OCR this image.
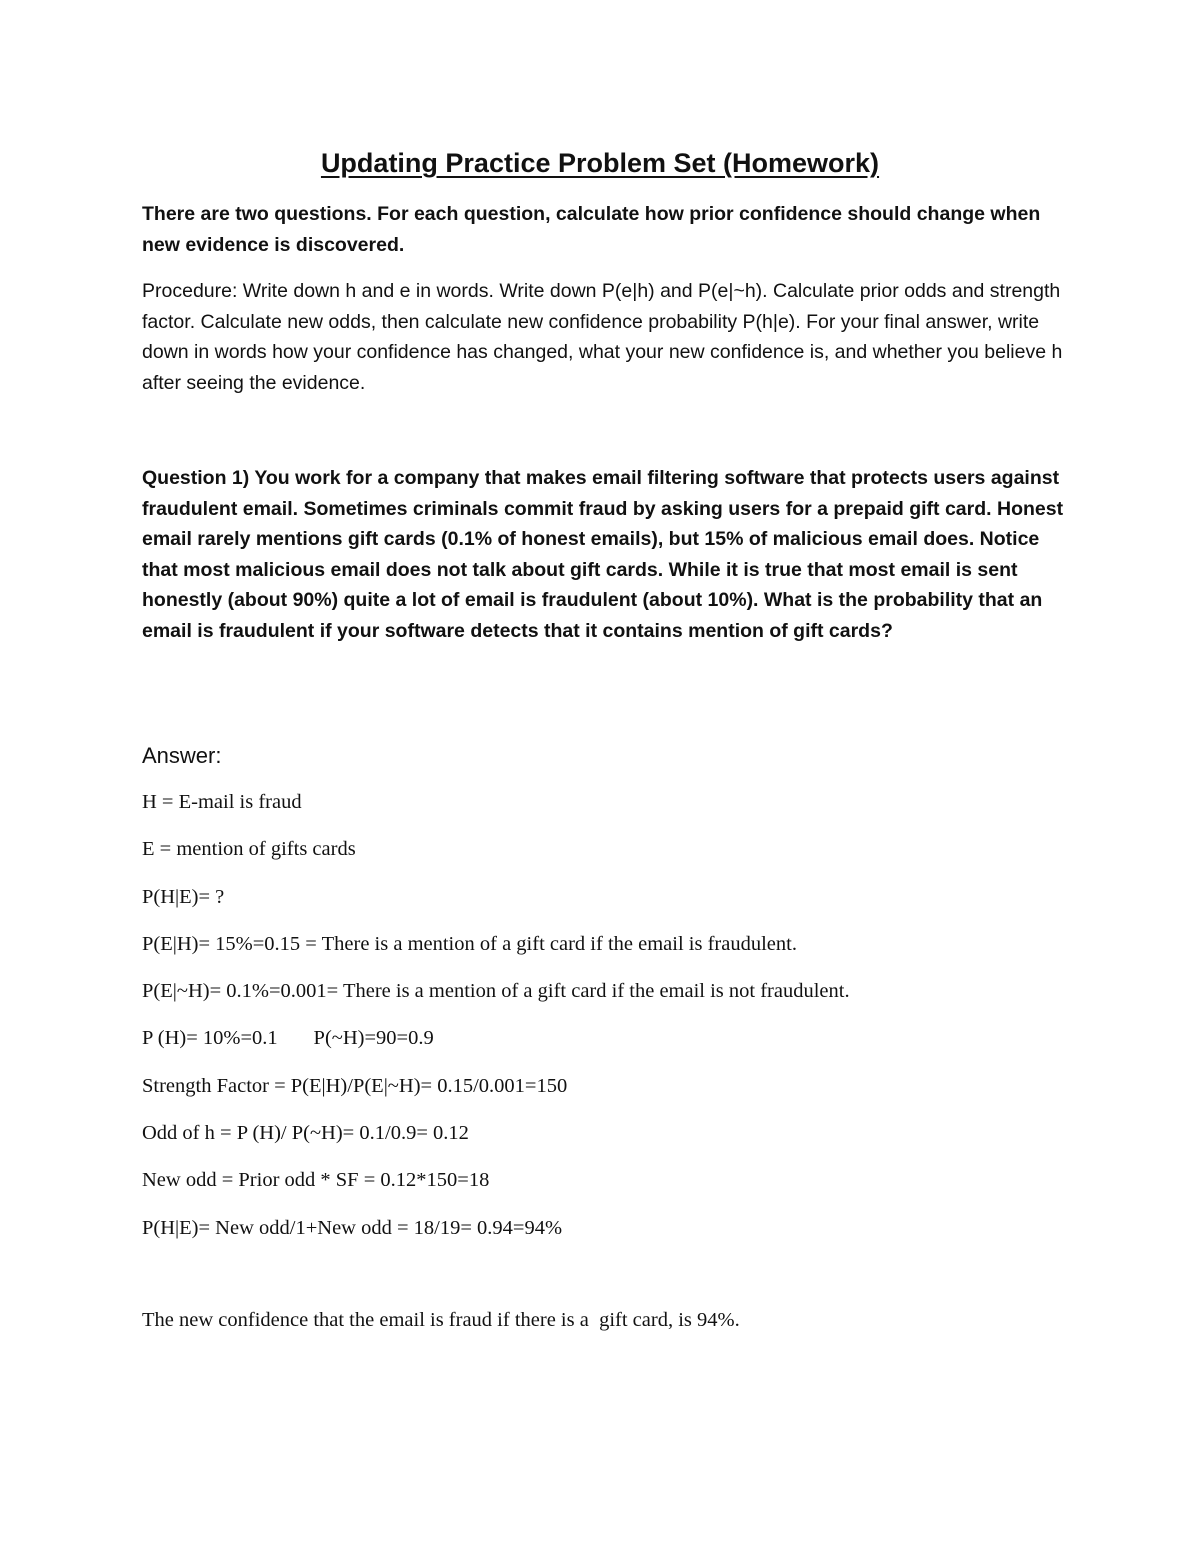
Updating Practice Problem Set (Homework)

There are two questions. For each question, calculate how prior confidence should change when new evidence is discovered.

Procedure: Write down h and e in words. Write down P(e|h) and P(e|~h). Calculate prior odds and strength factor. Calculate new odds, then calculate new confidence probability P(h|e). For your final answer, write down in words how your confidence has changed, what your new confidence is, and whether you believe h after seeing the evidence.

Question 1) You work for a company that makes email filtering software that protects users against fraudulent email. Sometimes criminals commit fraud by asking users for a prepaid gift card. Honest email rarely mentions gift cards (0.1% of honest emails), but 15% of malicious email does. Notice that most malicious email does not talk about gift cards. While it is true that most email is sent honestly (about 90%) quite a lot of email is fraudulent (about 10%). What is the probability that an email is fraudulent if your software detects that it contains mention of gift cards?

Answer:
H = E-mail is fraud
E = mention of gifts cards
P(H|E)= ?
P(E|H)= 15%=0.15 = There is a mention of a gift card if the email is fraudulent.
P(E|~H)= 0.1%=0.001= There is a mention of a gift card if the email is not fraudulent.
P (H)= 10%=0.1       P(~H)=90=0.9
Strength Factor = P(E|H)/P(E|~H)= 0.15/0.001=150
Odd of h = P (H)/ P(~H)= 0.1/0.9= 0.12
New odd = Prior odd * SF = 0.12*150=18
P(H|E)= New odd/1+New odd = 18/19= 0.94=94%

The new confidence that the email is fraud if there is a  gift card, is 94%.
